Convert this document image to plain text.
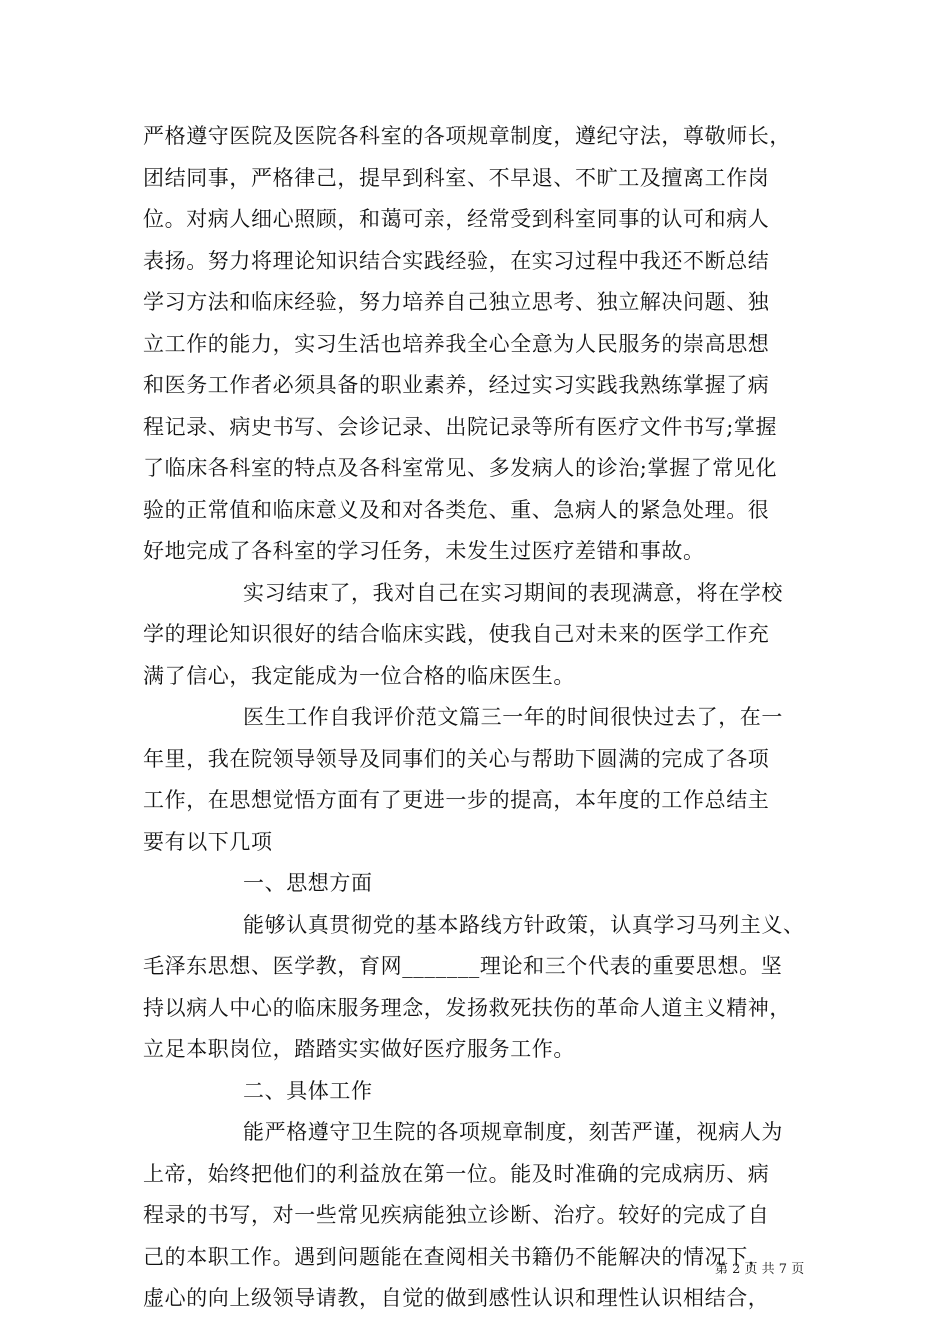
严格遵守医院及医院各科室的各项规章制度，遵纪守法，尊敬师长，
团结同事，严格律己，提早到科室、不早退、不旷工及擅离工作岗
位。对病人细心照顾，和蔼可亲，经常受到科室同事的认可和病人
表扬。努力将理论知识结合实践经验，在实习过程中我还不断总结
学习方法和临床经验，努力培养自己独立思考、独立解决问题、独
立工作的能力，实习生活也培养我全心全意为人民服务的崇高思想
和医务工作者必须具备的职业素养，经过实习实践我熟练掌握了病
程记录、病史书写、会诊记录、出院记录等所有医疗文件书写;掌握
了临床各科室的特点及各科室常见、多发病人的诊治;掌握了常见化
验的正常值和临床意义及和对各类危、重、急病人的紧急处理。很
好地完成了各科室的学习任务，未发生过医疗差错和事故。
实习结束了，我对自己在实习期间的表现满意，将在学校
学的理论知识很好的结合临床实践，使我自己对未来的医学工作充
满了信心，我定能成为一位合格的临床医生。
医生工作自我评价范文篇三一年的时间很快过去了，在一
年里，我在院领导领导及同事们的关心与帮助下圆满的完成了各项
工作，在思想觉悟方面有了更进一步的提高，本年度的工作总结主
要有以下几项
一、思想方面
能够认真贯彻党的基本路线方针政策，认真学习马列主义、
毛泽东思想、医学教，育网_______理论和三个代表的重要思想。坚
持以病人中心的临床服务理念，发扬救死扶伤的革命人道主义精神，
立足本职岗位，踏踏实实做好医疗服务工作。
二、具体工作
能严格遵守卫生院的各项规章制度，刻苦严谨，视病人为
上帝，始终把他们的利益放在第一位。能及时准确的完成病历、病
程录的书写，对一些常见疾病能独立诊断、治疗。较好的完成了自
己的本职工作。遇到问题能在查阅相关书籍仍不能解决的情况下，
虚心的向上级领导请教，自觉的做到感性认识和理性认识相结合，
第 2 页 共 7 页
